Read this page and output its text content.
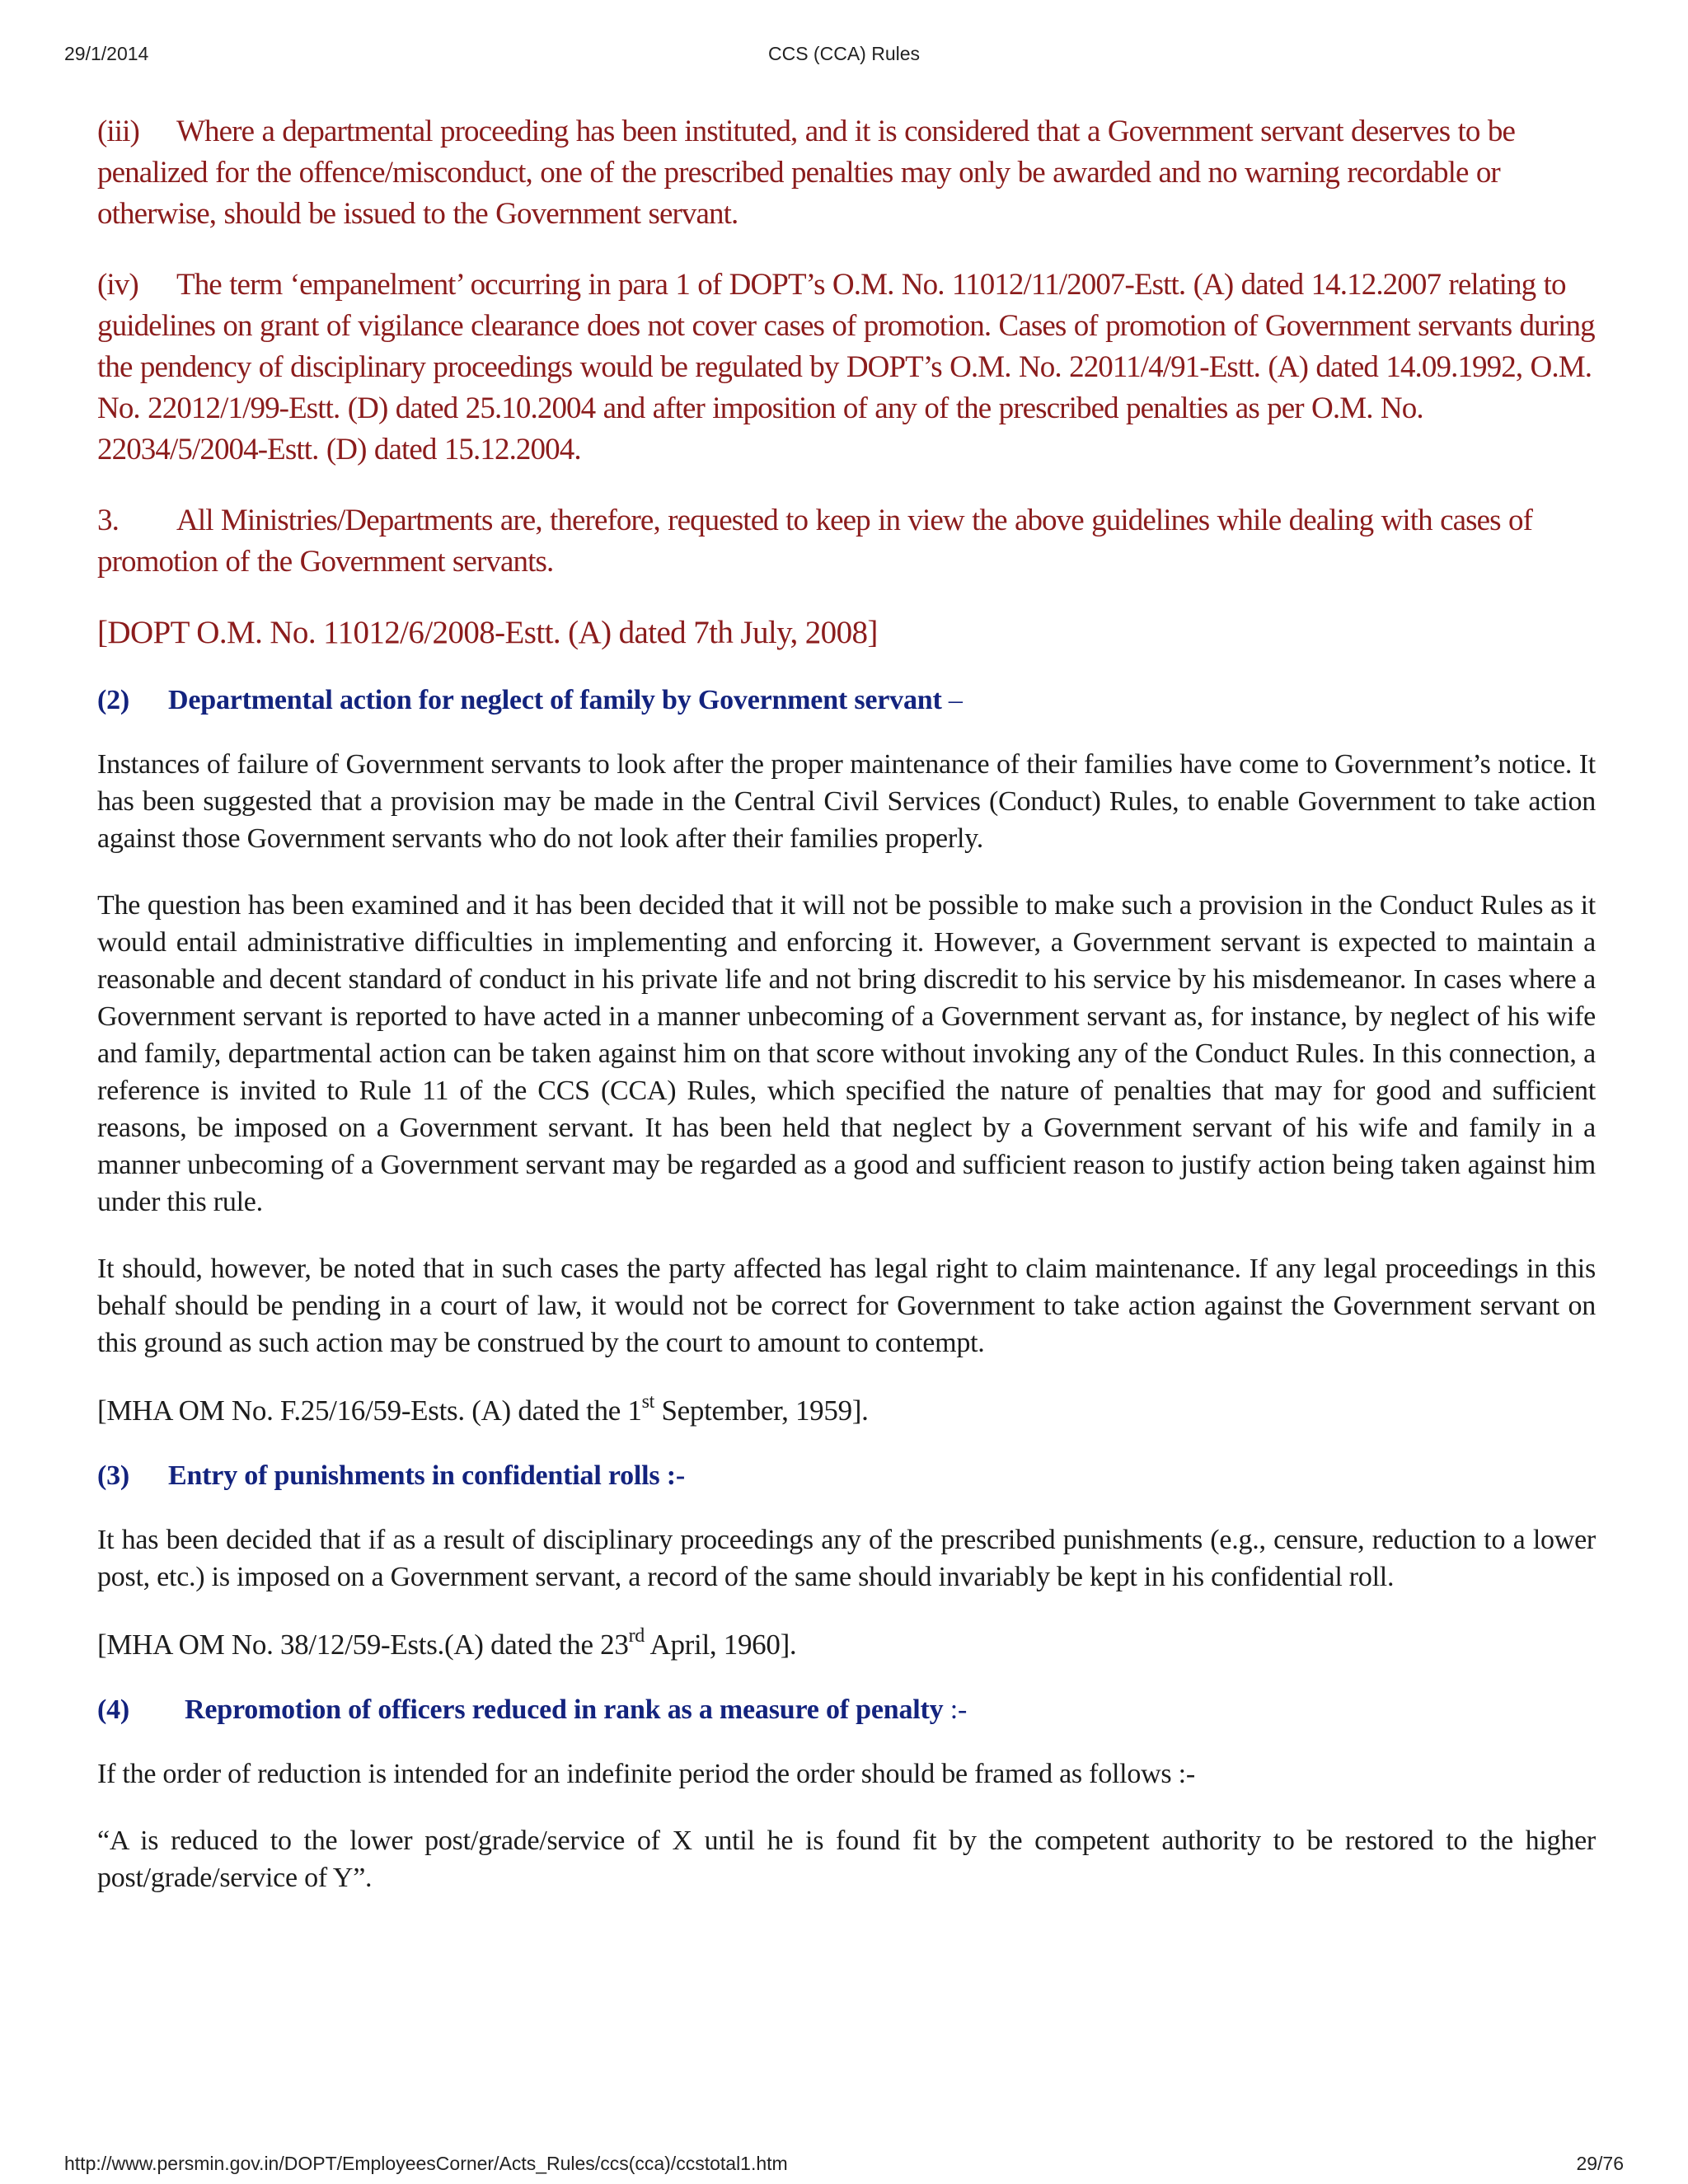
29/1/2014	CCS (CCA) Rules

(iii) Where a departmental proceeding has been instituted, and it is considered that a Government servant deserves to be penalized for the offence/misconduct, one of the prescribed penalties may only be awarded and no warning recordable or otherwise, should be issued to the Government servant.

(iv) The term ‘empanelment’ occurring in para 1 of DOPT’s O.M. No. 11012/11/2007-Estt. (A) dated 14.12.2007 relating to guidelines on grant of vigilance clearance does not cover cases of promotion. Cases of promotion of Government servants during the pendency of disciplinary proceedings would be regulated by DOPT’s O.M. No. 22011/4/91-Estt. (A) dated 14.09.1992, O.M. No. 22012/1/99-Estt. (D) dated 25.10.2004 and after imposition of any of the prescribed penalties as per O.M. No. 22034/5/2004-Estt. (D) dated 15.12.2004.

3. All Ministries/Departments are, therefore, requested to keep in view the above guidelines while dealing with cases of promotion of the Government servants.

[DOPT O.M. No. 11012/6/2008-Estt. (A) dated 7th July, 2008]

(2) Departmental action for neglect of family by Government servant –

Instances of failure of Government servants to look after the proper maintenance of their families have come to Government’s notice. It has been suggested that a provision may be made in the Central Civil Services (Conduct) Rules, to enable Government to take action against those Government servants who do not look after their families properly.

The question has been examined and it has been decided that it will not be possible to make such a provision in the Conduct Rules as it would entail administrative difficulties in implementing and enforcing it. However, a Government servant is expected to maintain a reasonable and decent standard of conduct in his private life and not bring discredit to his service by his misdemeanor. In cases where a Government servant is reported to have acted in a manner unbecoming of a Government servant as, for instance, by neglect of his wife and family, departmental action can be taken against him on that score without invoking any of the Conduct Rules. In this connection, a reference is invited to Rule 11 of the CCS (CCA) Rules, which specified the nature of penalties that may for good and sufficient reasons, be imposed on a Government servant. It has been held that neglect by a Government servant of his wife and family in a manner unbecoming of a Government servant may be regarded as a good and sufficient reason to justify action being taken against him under this rule.

It should, however, be noted that in such cases the party affected has legal right to claim maintenance. If any legal proceedings in this behalf should be pending in a court of law, it would not be correct for Government to take action against the Government servant on this ground as such action may be construed by the court to amount to contempt.

[MHA OM No. F.25/16/59-Ests. (A) dated the 1st September, 1959].

(3) Entry of punishments in confidential rolls :-

It has been decided that if as a result of disciplinary proceedings any of the prescribed punishments (e.g., censure, reduction to a lower post, etc.) is imposed on a Government servant, a record of the same should invariably be kept in his confidential roll.

[MHA OM No. 38/12/59-Ests.(A) dated the 23rd April, 1960].

(4) Repromotion of officers reduced in rank as a measure of penalty :-

If the order of reduction is intended for an indefinite period the order should be framed as follows :-

“A is reduced to the lower post/grade/service of X until he is found fit by the competent authority to be restored to the higher post/grade/service of Y”.

http://www.persmin.gov.in/DOPT/EmployeesCorner/Acts_Rules/ccs(cca)/ccstotal1.htm	29/76
